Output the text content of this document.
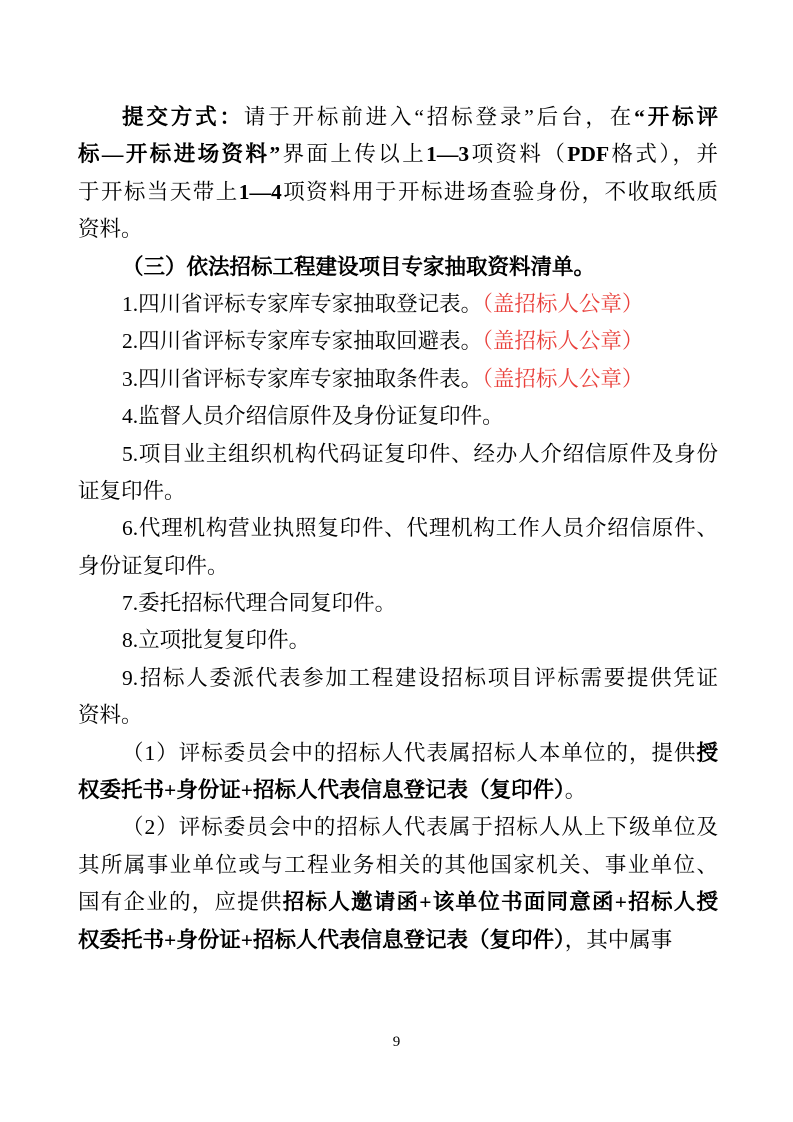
提交方式：请于开标前进入“招标登录”后台，在“开标评
标—开标进场资料”界面上传以上1—3项资料（PDF格式），并
于开标当天带上1—4项资料用于开标进场查验身份，不收取纸质
资料。
（三）依法招标工程建设项目专家抽取资料清单。
1.四川省评标专家库专家抽取登记表。（盖招标人公章）
2.四川省评标专家库专家抽取回避表。（盖招标人公章）
3.四川省评标专家库专家抽取条件表。（盖招标人公章）
4.监督人员介绍信原件及身份证复印件。
5.项目业主组织机构代码证复印件、经办人介绍信原件及身份
证复印件。
6.代理机构营业执照复印件、代理机构工作人员介绍信原件、
身份证复印件。
7.委托招标代理合同复印件。
8.立项批复复印件。
9.招标人委派代表参加工程建设招标项目评标需要提供凭证
资料。
（1）评标委员会中的招标人代表属招标人本单位的，提供授
权委托书+身份证+招标人代表信息登记表（复印件）。
（2）评标委员会中的招标人代表属于招标人从上下级单位及
其所属事业单位或与工程业务相关的其他国家机关、事业单位、
国有企业的，应提供招标人邀请函+该单位书面同意函+招标人授
权委托书+身份证+招标人代表信息登记表（复印件），其中属事
9
